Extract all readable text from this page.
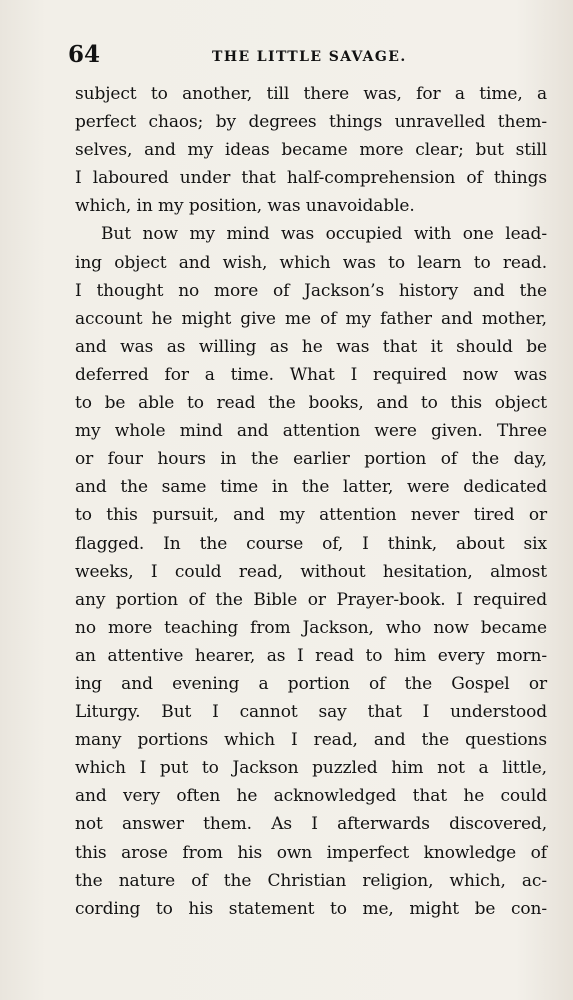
64	THE LITTLE SAVAGE.
subject to another, till there was, for a time, a
perfect chaos; by degrees things unravelled them-
selves, and my ideas became more clear; but still
I laboured under that half-comprehension of things
which, in my position, was unavoidable.
But now my mind was occupied with one lead-
ing object and wish, which was to learn to read.
I thought no more of Jackson’s history and the
account he might give me of my father and mother,
and was as willing as he was that it should be
deferred for a time. What I required now was
to be able to read the books, and to this object
my whole mind and attention were given. Three
or four hours in the earlier portion of the day,
and the same time in the latter, were dedicated
to this pursuit, and my attention never tired or
flagged. In the course of, I think, about six
weeks, I could read, without hesitation, almost
any portion of the Bible or Prayer-book. I required
no more teaching from Jackson, who now became
an attentive hearer, as I read to him every morn-
ing and evening a portion of the Gospel or
Liturgy. But I cannot say that I understood
many portions which I read, and the questions
which I put to Jackson puzzled him not a little,
and very often he acknowledged that he could
not answer them. As I afterwards discovered,
this arose from his own imperfect knowledge of
the nature of the Christian religion, which, ac-
cording to his statement to me, might be con-
